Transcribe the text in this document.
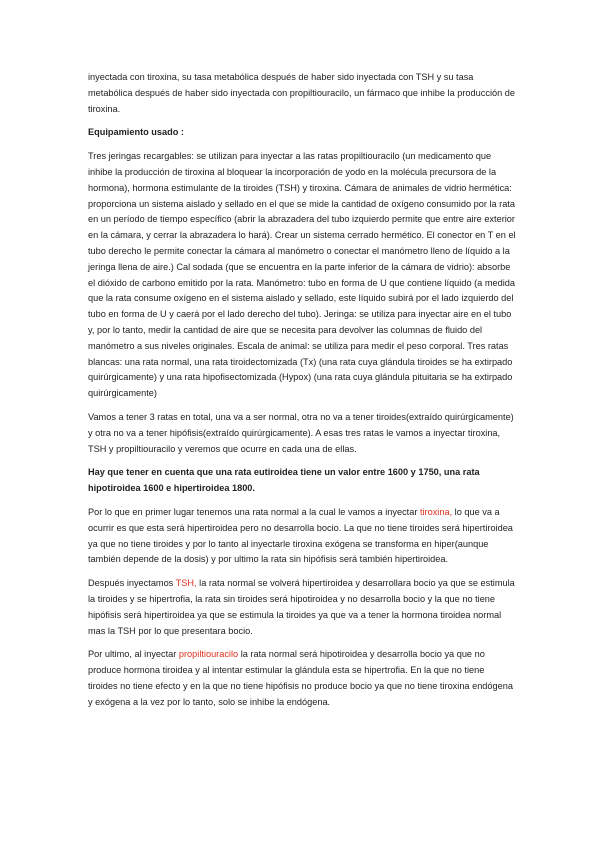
inyectada con tiroxina, su tasa metabólica después de haber sido inyectada con TSH y su tasa metabólica después de haber sido inyectada con propiltiouracilo, un fármaco que inhibe la producción de tiroxina.

Equipamiento usado :

Tres jeringas recargables: se utilizan para inyectar a las ratas propiltiouracilo (un medicamento que inhibe la producción de tiroxina al bloquear la incorporación de yodo en la molécula precursora de la hormona), hormona estimulante de la tiroides (TSH) y tiroxina. Cámara de animales de vidrio hermética: proporciona un sistema aislado y sellado en el que se mide la cantidad de oxígeno consumido por la rata en un período de tiempo específico (abrir la abrazadera del tubo izquierdo permite que entre aire exterior en la cámara, y cerrar la abrazadera lo hará). Crear un sistema cerrado hermético. El conector en T en el tubo derecho le permite conectar la cámara al manómetro o conectar el manómetro lleno de líquido a la jeringa llena de aire.) Cal sodada (que se encuentra en la parte inferior de la cámara de vidrio): absorbe el dióxido de carbono emitido por la rata. Manómetro: tubo en forma de U que contiene líquido (a medida que la rata consume oxígeno en el sistema aislado y sellado, este líquido subirá por el lado izquierdo del tubo en forma de U y caerá por el lado derecho del tubo). Jeringa: se utiliza para inyectar aire en el tubo y, por lo tanto, medir la cantidad de aire que se necesita para devolver las columnas de fluido del manómetro a sus niveles originales. Escala de animal: se utiliza para medir el peso corporal. Tres ratas blancas: una rata normal, una rata tiroidectomizada (Tx) (una rata cuya glándula tiroides se ha extirpado quirúrgicamente) y una rata hipofisectomizada (Hypox) (una rata cuya glándula pituitaria se ha extirpado quirúrgicamente)

Vamos a tener 3 ratas en total, una va a ser normal, otra no va a tener tiroides(extraído quirúrgicamente) y otra no va a tener hipófisis(extraído quirúrgicamente). A esas tres ratas le vamos a inyectar tiroxina, TSH y propiltiouracilo y veremos que ocurre en cada una de ellas.

Hay que tener en cuenta que una rata eutiroidea tiene un valor entre 1600 y 1750, una rata hipotiroidea 1600 e hipertiroidea 1800.

Por lo que en primer lugar tenemos una rata normal a la cual le vamos a inyectar tiroxina, lo que va a ocurrir es que esta será hipertiroidea pero no desarrolla bocio. La que no tiene tiroides será hipertiroidea ya que no tiene tiroides y por lo tanto al inyectarle tiroxina exógena se transforma en hiper(aunque también depende de la dosis) y por ultimo la rata sin hipófisis será también hipertiroidea.

Después inyectamos TSH, la rata normal se volverá hipertiroidea y desarrollara bocio ya que se estimula la tiroides y se hipertrofia, la rata sin tiroides será hipotiroidea y no desarrolla bocio y la que no tiene hipófisis será hipertiroidea ya que se estimula la tiroides ya que va a tener la hormona tiroidea normal mas la TSH por lo que presentara bocio.

Por ultimo, al inyectar propiltiouracilo la rata normal será hipotiroidea y desarrolla bocio ya que no produce hormona tiroidea y al intentar estimular la glándula esta se hipertrofia. En la que no tiene tiroides no tiene efecto y en la que no tiene hipófisis no produce bocio ya que no tiene tiroxina endógena y exógena a la vez por lo tanto, solo se inhibe la endógena.
